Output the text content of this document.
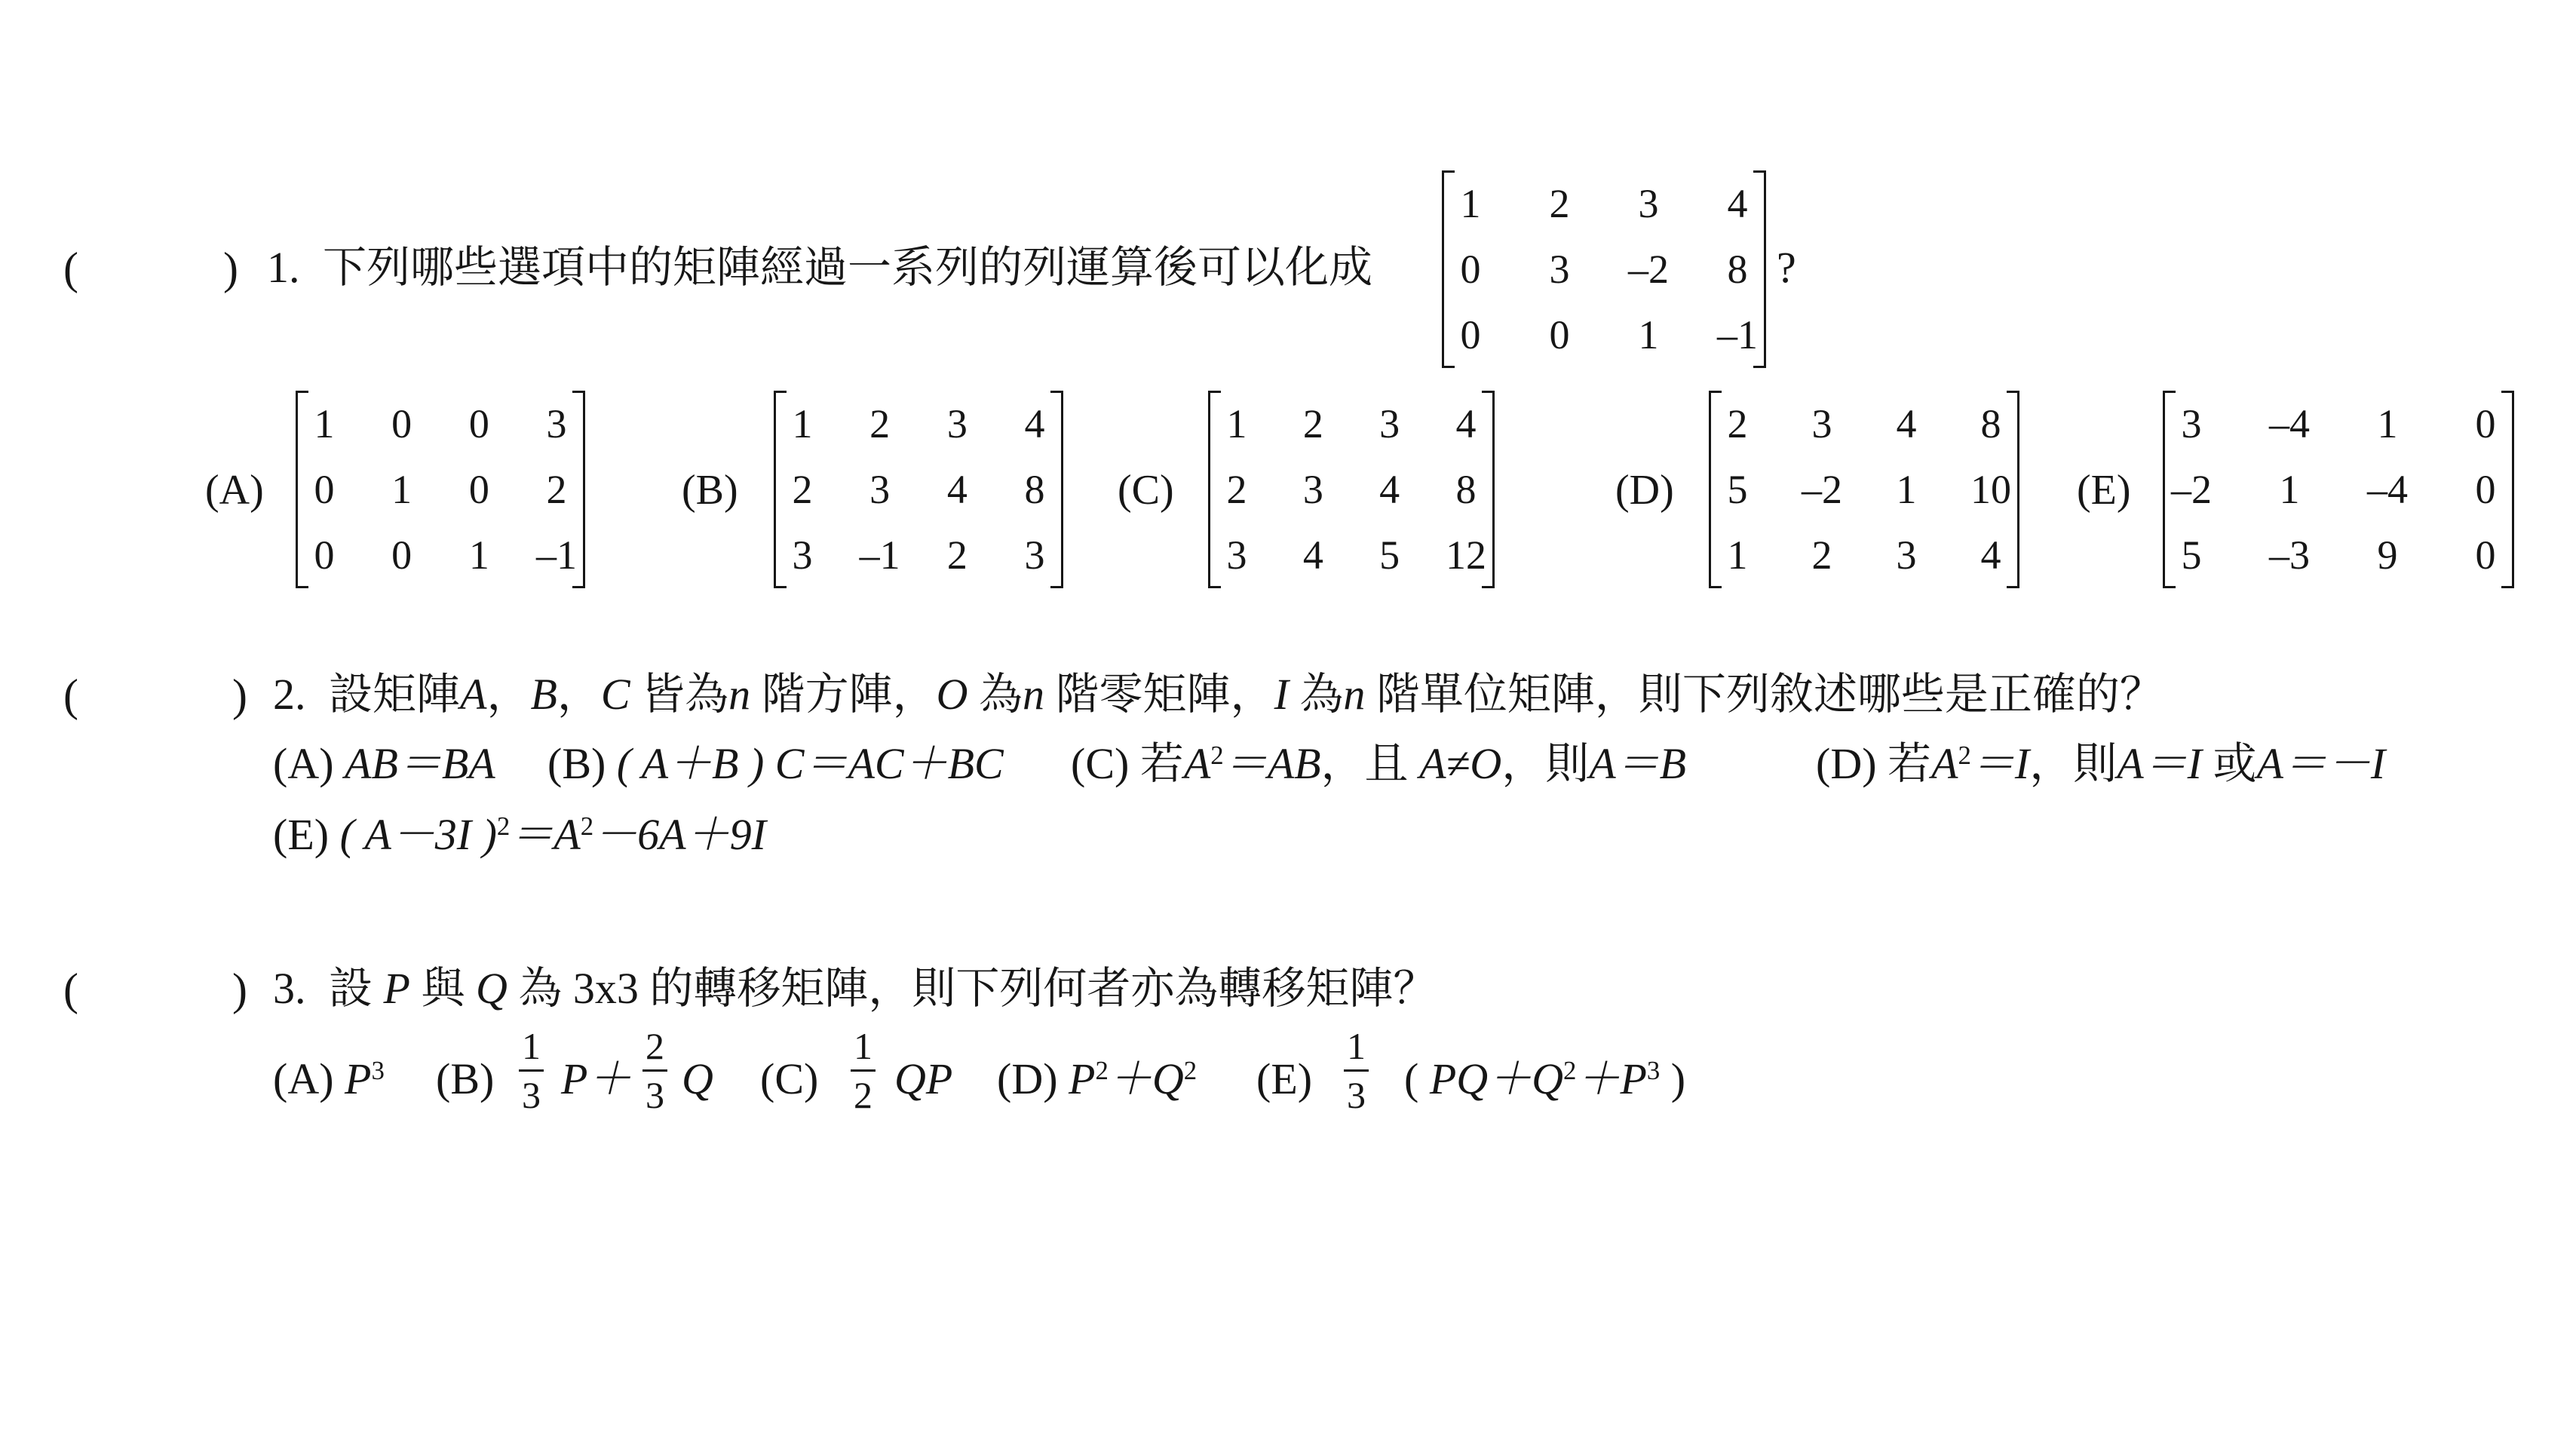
(	) 1. 下列哪些選項中的矩陣經過一系列的列運算後可以化成
1 2 3 4
0 3 –2 8
0 0 1 –1
?
(A)
1 0 0 3
0 1 0 2
0 0 1 –1
(B)
1 2 3 4
2 3 4 8
3 –1 2 3
(C)
1 2 3 4
2 3 4 8
3 4 5 12
(D)
2 3 4 8
5 –2 1 10
1 2 3 4
(E)
3 –4 1 0
–2 1 –4 0
5 –3 9 0
(	) 2. 設矩陣A，B，C 皆為n 階方陣，O 為n 階零矩陣，I 為n 階單位矩陣，則下列敘述哪些是正確的？
(A) AB＝BA (B) ( A＋B ) C＝AC＋BC (C) 若$A^2=AB$，且 A≠O，則A＝B	(D) 若$A^2=I$，則A＝I 或A＝－I
(E) ( A－3I )$^2=A^2-6A+9I$
(	) 3. 設 P 與 Q 為 3x3 的轉移矩陣，則下列何者亦為轉移矩陣？
(A) $P^3$ (B)
1
3 P＋
2
3 Q (C)
1
2 QP (D) $P^2+Q^2$ (E)
1
3 ( $PQ+Q^2+P^3$ )
